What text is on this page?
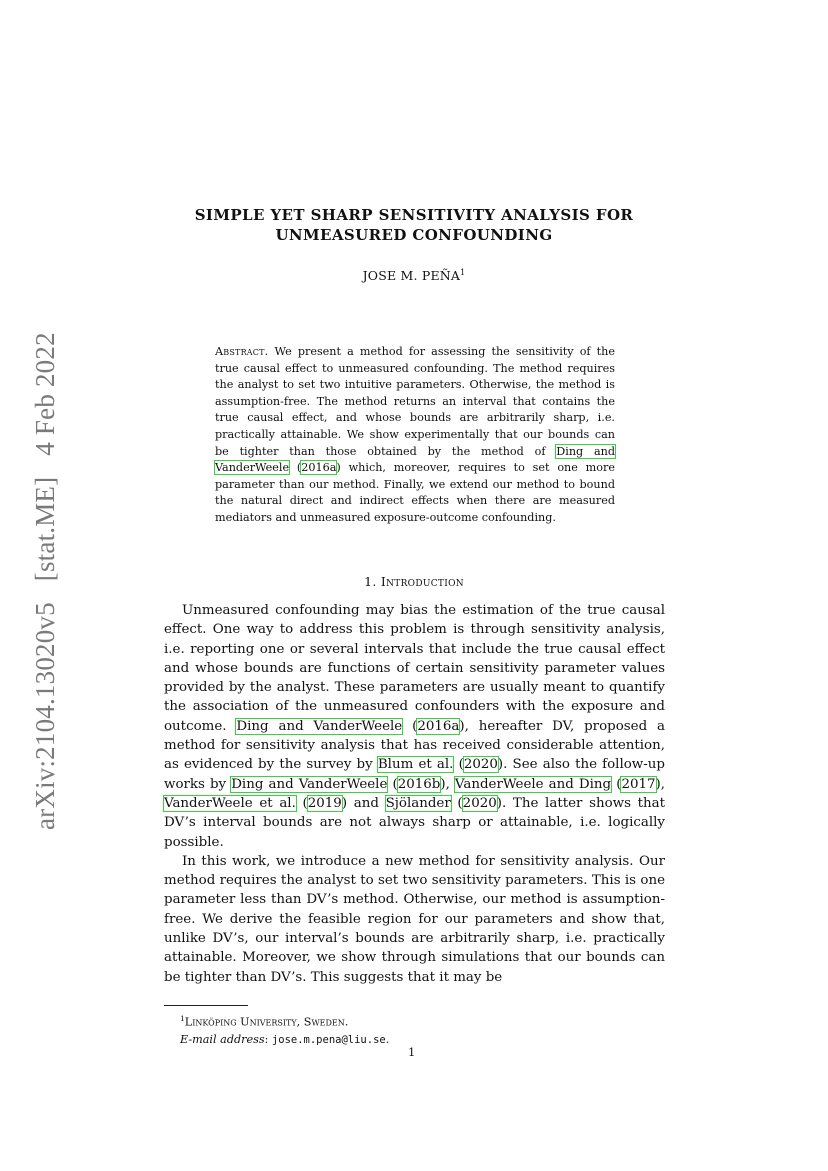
arXiv:2104.13020v5 [stat.ME] 4 Feb 2022
SIMPLE YET SHARP SENSITIVITY ANALYSIS FOR
UNMEASURED CONFOUNDING
JOSE M. PEÑA$^1$
Abstract. We present a method for assessing the sensitivity of the true causal effect to unmeasured confounding. The method requires the analyst to set two intuitive parameters. Otherwise, the method is assumption-free. The method returns an interval that contains the true causal effect, and whose bounds are arbitrarily sharp, i.e. practically attainable. We show experimentally that our bounds can be tighter than those obtained by the method of Ding and VanderWeele (2016a) which, moreover, requires to set one more parameter than our method. Finally, we extend our method to bound the natural direct and indirect effects when there are measured mediators and unmeasured exposure-outcome confounding.
1. Introduction

Unmeasured confounding may bias the estimation of the true causal effect. One way to address this problem is through sensitivity analysis, i.e. reporting one or several intervals that include the true causal effect and whose bounds are functions of certain sensitivity parameter values provided by the analyst. These parameters are usually meant to quantify the association of the unmeasured confounders with the exposure and outcome. Ding and VanderWeele (2016a), hereafter DV, proposed a method for sensitivity analysis that has received considerable attention, as evidenced by the survey by Blum et al. (2020). See also the follow-up works by Ding and VanderWeele (2016b), VanderWeele and Ding (2017), VanderWeele et al. (2019) and Sjölander (2020). The latter shows that DV’s interval bounds are not always sharp or attainable, i.e. logically possible.

In this work, we introduce a new method for sensitivity analysis. Our method requires the analyst to set two sensitivity parameters. This is one parameter less than DV’s method. Otherwise, our method is assumption-free. We derive the feasible region for our parameters and show that, unlike DV’s, our interval’s bounds are arbitrarily sharp, i.e. practically attainable. Moreover, we show through simulations that our bounds can be tighter than DV’s. This suggests that it may be

$^1$Linköping University, Sweden.
E-mail address: jose.m.pena@liu.se.
1
